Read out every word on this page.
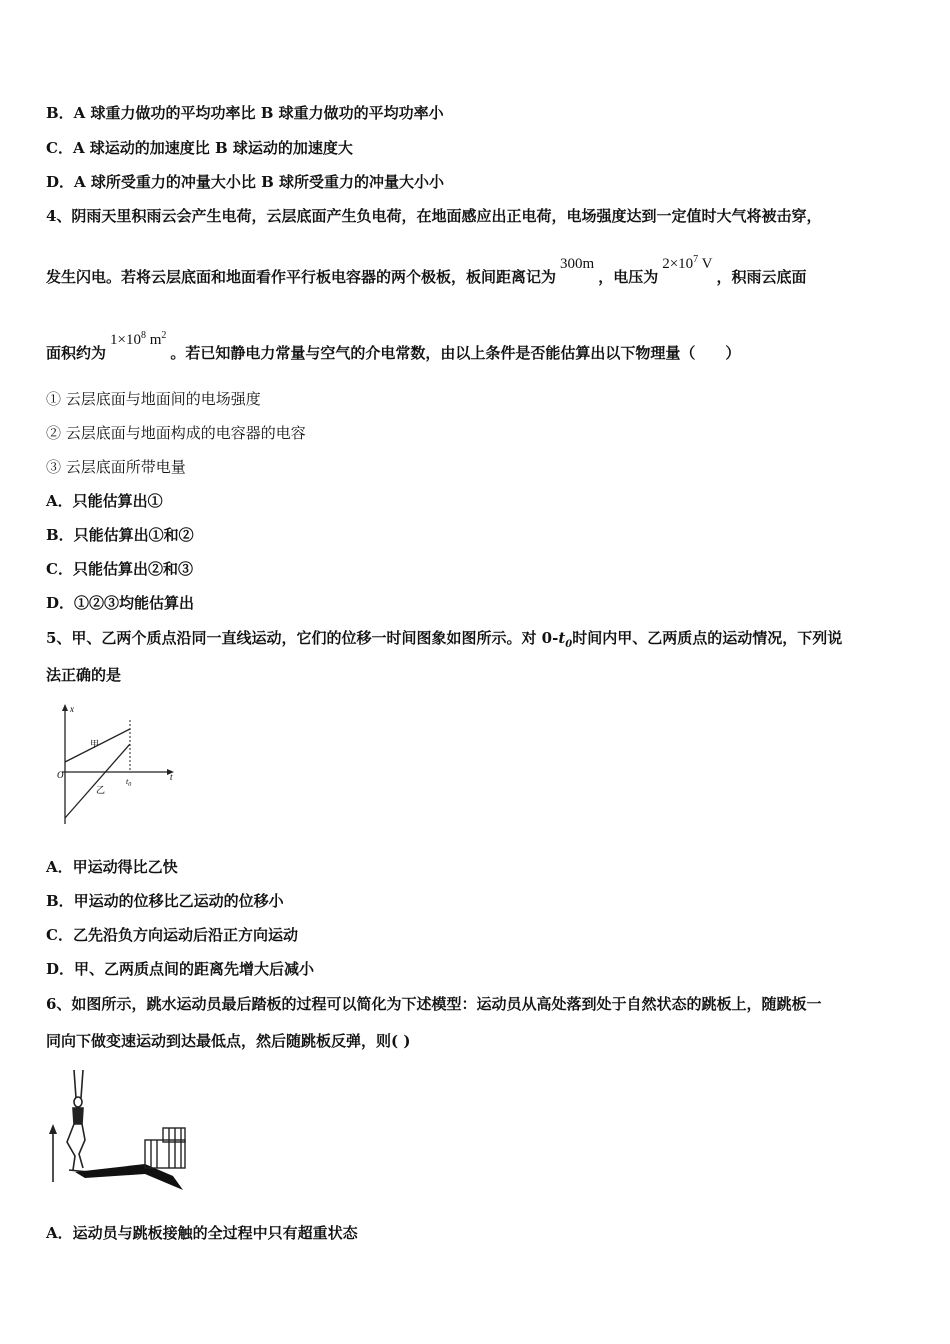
B．A 球重力做功的平均功率比 B 球重力做功的平均功率小
C．A 球运动的加速度比 B 球运动的加速度大
D．A 球所受重力的冲量大小比 B 球所受重力的冲量大小小
4、阴雨天里积雨云会产生电荷，云层底面产生负电荷，在地面感应出正电荷，电场强度达到一定值时大气将被击穿，
发生闪电。若将云层底面和地面看作平行板电容器的两个极板，板间距离记为300m，电压为$2\times 10^7$ V，积雨云底面
面积约为$1\times 10^8$ $m^2$。若已知静电力常量与空气的介电常数，由以上条件是否能估算出以下物理量（　　）
① 云层底面与地面间的电场强度
② 云层底面与地面构成的电容器的电容
③ 云层底面所带电量
A．只能估算出①
B．只能估算出①和②
C．只能估算出②和③
D．①②③均能估算出
5、甲、乙两个质点沿同一直线运动，它们的位移一时间图象如图所示。对 $0-t_0$时间内甲、乙两质点的运动情况，下列说
法正确的是
x
t
O
$t_0$
甲
乙
A．甲运动得比乙快
B．甲运动的位移比乙运动的位移小
C．乙先沿负方向运动后沿正方向运动
D．甲、乙两质点间的距离先增大后减小
6、如图所示，跳水运动员最后踏板的过程可以简化为下述模型：运动员从高处落到处于自然状态的跳板上，随跳板一
同向下做变速运动到达最低点，然后随跳板反弹，则( )
A．运动员与跳板接触的全过程中只有超重状态
